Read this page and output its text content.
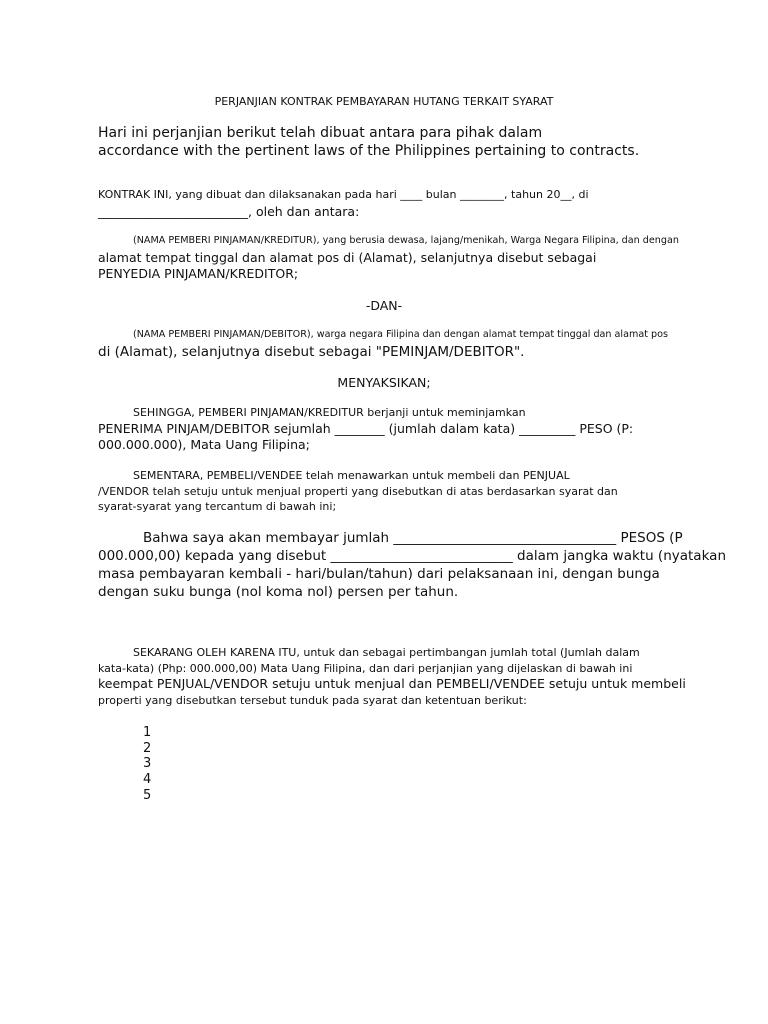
PERJANJIAN KONTRAK PEMBAYARAN HUTANG TERKAIT SYARAT
Hari ini perjanjian berikut telah dibuat antara para pihak dalam
accordance with the pertinent laws of the Philippines pertaining to contracts.
KONTRAK INI, yang dibuat dan dilaksanakan pada hari ____ bulan ________, tahun 20__, di
________________________, oleh dan antara:
(NAMA PEMBERI PINJAMAN/KREDITUR), yang berusia dewasa, lajang/menikah, Warga Negara Filipina, dan dengan
alamat tempat tinggal dan alamat pos di (Alamat), selanjutnya disebut sebagai
PENYEDIA PINJAMAN/KREDITOR;
-DAN-
(NAMA PEMBERI PINJAMAN/DEBITOR), warga negara Filipina dan dengan alamat tempat tinggal dan alamat pos
di (Alamat), selanjutnya disebut sebagai "PEMINJAM/DEBITOR".
MENYAKSIKAN;
SEHINGGA, PEMBERI PINJAMAN/KREDITUR berjanji untuk meminjamkan
PENERIMA PINJAM/DEBITOR sejumlah ________ (jumlah dalam kata) _________ PESO (P:
000.000.000), Mata Uang Filipina;
SEMENTARA, PEMBELI/VENDEE telah menawarkan untuk membeli dan PENJUAL
/VENDOR telah setuju untuk menjual properti yang disebutkan di atas berdasarkan syarat dan
syarat-syarat yang tercantum di bawah ini;
Bahwa saya akan membayar jumlah _________________________________ PESOS (P
000.000,00) kepada yang disebut ___________________________ dalam jangka waktu (nyatakan
masa pembayaran kembali - hari/bulan/tahun) dari pelaksanaan ini, dengan bunga
dengan suku bunga (nol koma nol) persen per tahun.
SEKARANG OLEH KARENA ITU, untuk dan sebagai pertimbangan jumlah total (Jumlah dalam
kata-kata) (Php: 000.000,00) Mata Uang Filipina, dan dari perjanjian yang dijelaskan di bawah ini
keempat PENJUAL/VENDOR setuju untuk menjual dan PEMBELI/VENDEE setuju untuk membeli
properti yang disebutkan tersebut tunduk pada syarat dan ketentuan berikut:
1
2
3
4
5
